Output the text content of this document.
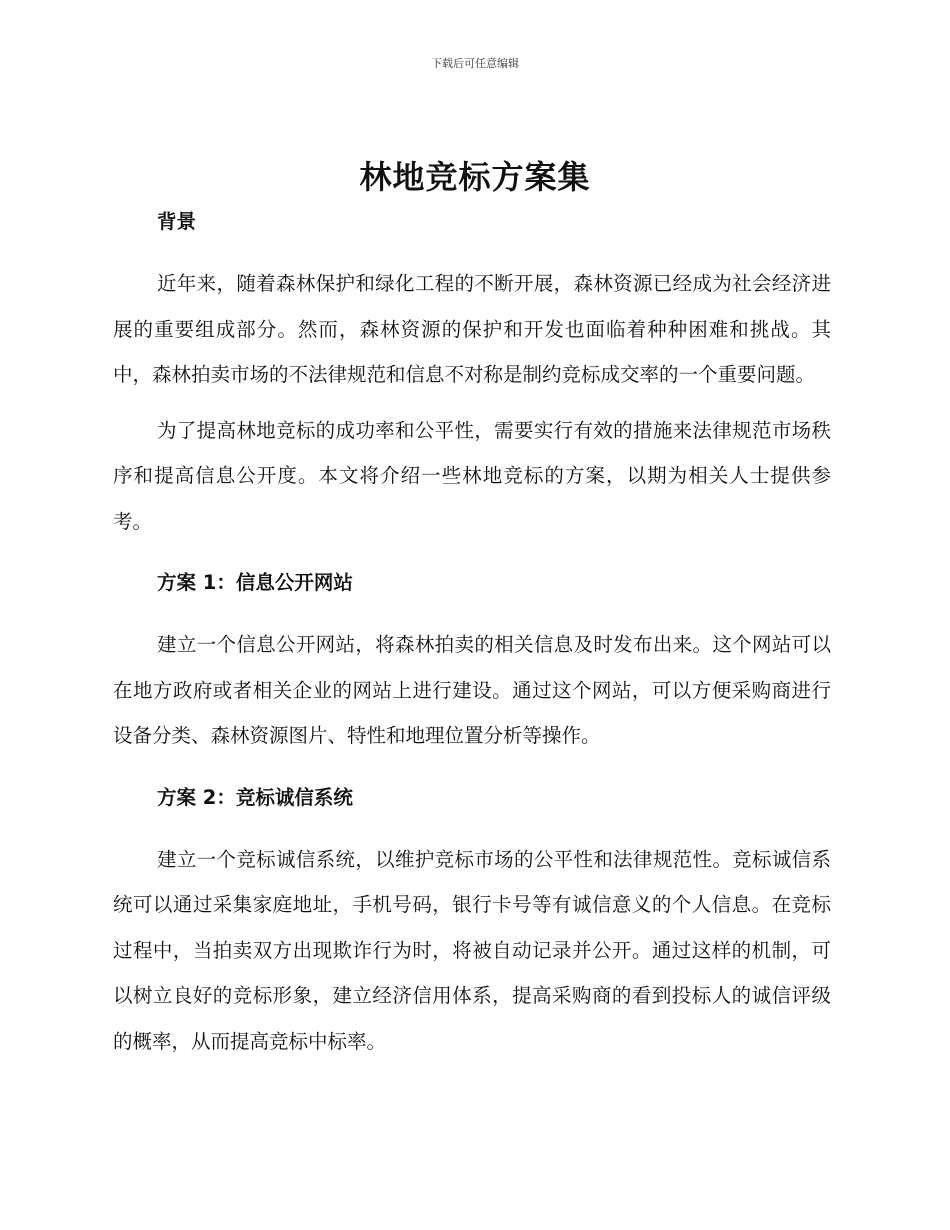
下载后可任意编辑
林地竞标方案集
背景

近年来，随着森林保护和绿化工程的不断开展，森林资源已经成为社会经济进展的重要组成部分。然而，森林资源的保护和开发也面临着种种困难和挑战。其中，森林拍卖市场的不法律规范和信息不对称是制约竞标成交率的一个重要问题。

为了提高林地竞标的成功率和公平性，需要实行有效的措施来法律规范市场秩序和提高信息公开度。本文将介绍一些林地竞标的方案，以期为相关人士提供参考。

方案 1：信息公开网站

建立一个信息公开网站，将森林拍卖的相关信息及时发布出来。这个网站可以在地方政府或者相关企业的网站上进行建设。通过这个网站，可以方便采购商进行设备分类、森林资源图片、特性和地理位置分析等操作。

方案 2：竞标诚信系统

建立一个竞标诚信系统，以维护竞标市场的公平性和法律规范性。竞标诚信系统可以通过采集家庭地址，手机号码，银行卡号等有诚信意义的个人信息。在竞标过程中，当拍卖双方出现欺诈行为时，将被自动记录并公开。通过这样的机制，可以树立良好的竞标形象，建立经济信用体系，提高采购商的看到投标人的诚信评级的概率，从而提高竞标中标率。
